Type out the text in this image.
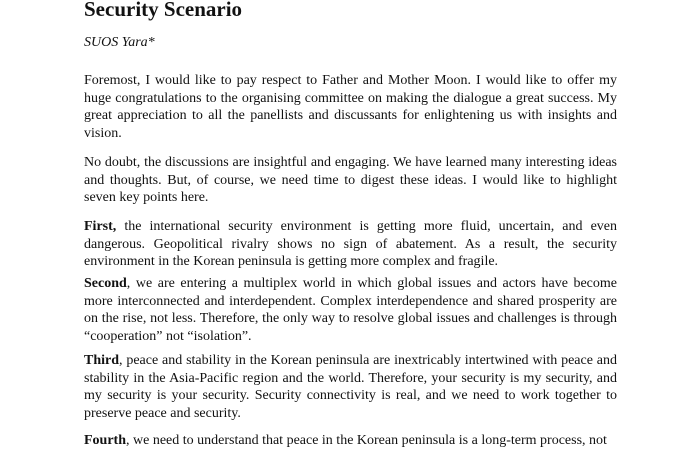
Security Scenario

SUOS Yara*

Foremost, I would like to pay respect to Father and Mother Moon. I would like to offer my huge congratulations to the organising committee on making the dialogue a great success. My great appreciation to all the panellists and discussants for enlightening us with insights and vision.

No doubt, the discussions are insightful and engaging. We have learned many interesting ideas and thoughts. But, of course, we need time to digest these ideas. I would like to highlight seven key points here.

First, the international security environment is getting more fluid, uncertain, and even dangerous. Geopolitical rivalry shows no sign of abatement. As a result, the security environment in the Korean peninsula is getting more complex and fragile.

Second, we are entering a multiplex world in which global issues and actors have become more interconnected and interdependent. Complex interdependence and shared prosperity are on the rise, not less. Therefore, the only way to resolve global issues and challenges is through “cooperation” not “isolation”.

Third, peace and stability in the Korean peninsula are inextricably intertwined with peace and stability in the Asia-Pacific region and the world. Therefore, your security is my security, and my security is your security. Security connectivity is real, and we need to work together to preserve peace and security.

Fourth, we need to understand that peace in the Korean peninsula is a long-term process, not
